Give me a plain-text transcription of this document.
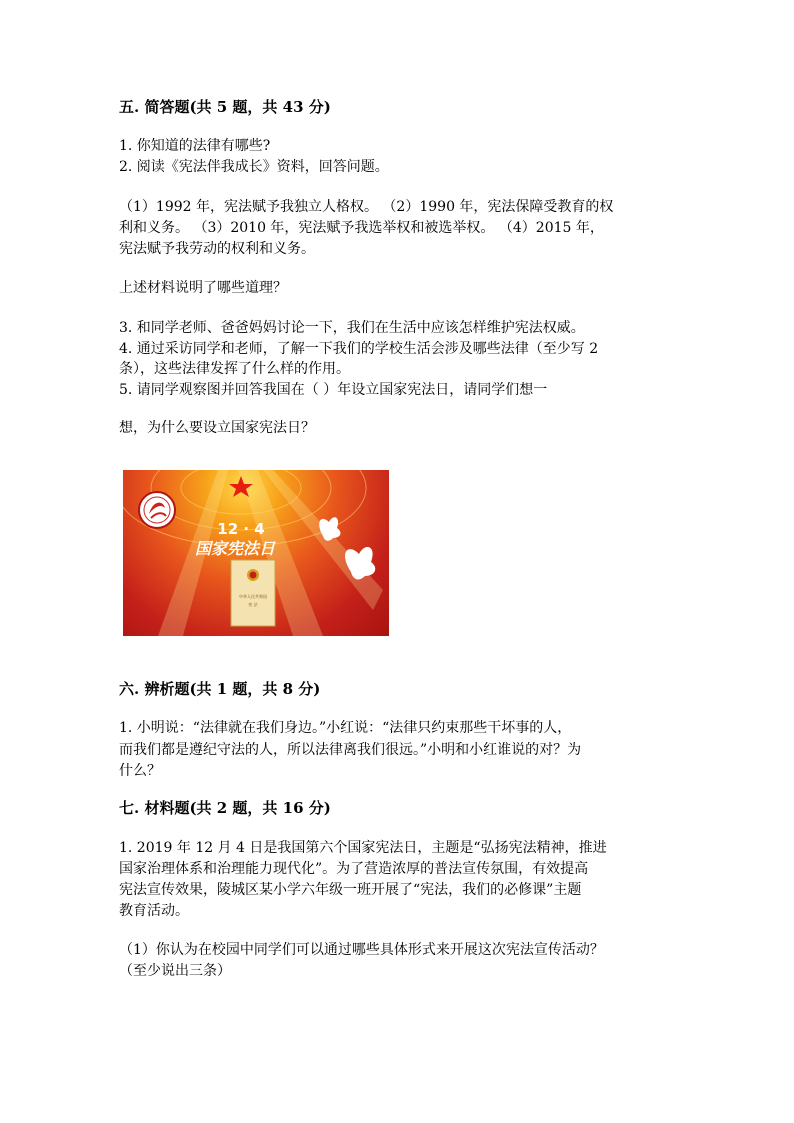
五. 简答题(共 5 题，共 43 分)
1. 你知道的法律有哪些?
2. 阅读《宪法伴我成长》资料，回答问题。
（1）1992 年，宪法赋予我独立人格权。 （2）1990 年，宪法保障受教育的权
利和义务。 （3）2010 年，宪法赋予我选举权和被选举权。 （4）2015 年，
宪法赋予我劳动的权利和义务。
上述材料说明了哪些道理？
3. 和同学老师、爸爸妈妈讨论一下，我们在生活中应该怎样维护宪法权威。
4. 通过采访同学和老师，了解一下我们的学校生活会涉及哪些法律（至少写 2
条），这些法律发挥了什么样的作用。
5. 请同学观察图并回答我国在（ ）年设立国家宪法日，请同学们想一
想，为什么要设立国家宪法日？
12 · 4
国家宪法日
中华人民共和国
宪 法
六. 辨析题(共 1 题，共 8 分)
1. 小明说：“法律就在我们身边。”小红说：“法律只约束那些干坏事的人，
而我们都是遵纪守法的人，所以法律离我们很远。”小明和小红谁说的对？为
什么？
七. 材料题(共 2 题，共 16 分)
1. 2019 年 12 月 4 日是我国第六个国家宪法日，主题是“弘扬宪法精神，推进
国家治理体系和治理能力现代化”。为了营造浓厚的普法宣传氛围，有效提高
宪法宣传效果，陵城区某小学六年级一班开展了“宪法，我们的必修课”主题
教育活动。
（1）你认为在校园中同学们可以通过哪些具体形式来开展这次宪法宣传活动？
（至少说出三条）
